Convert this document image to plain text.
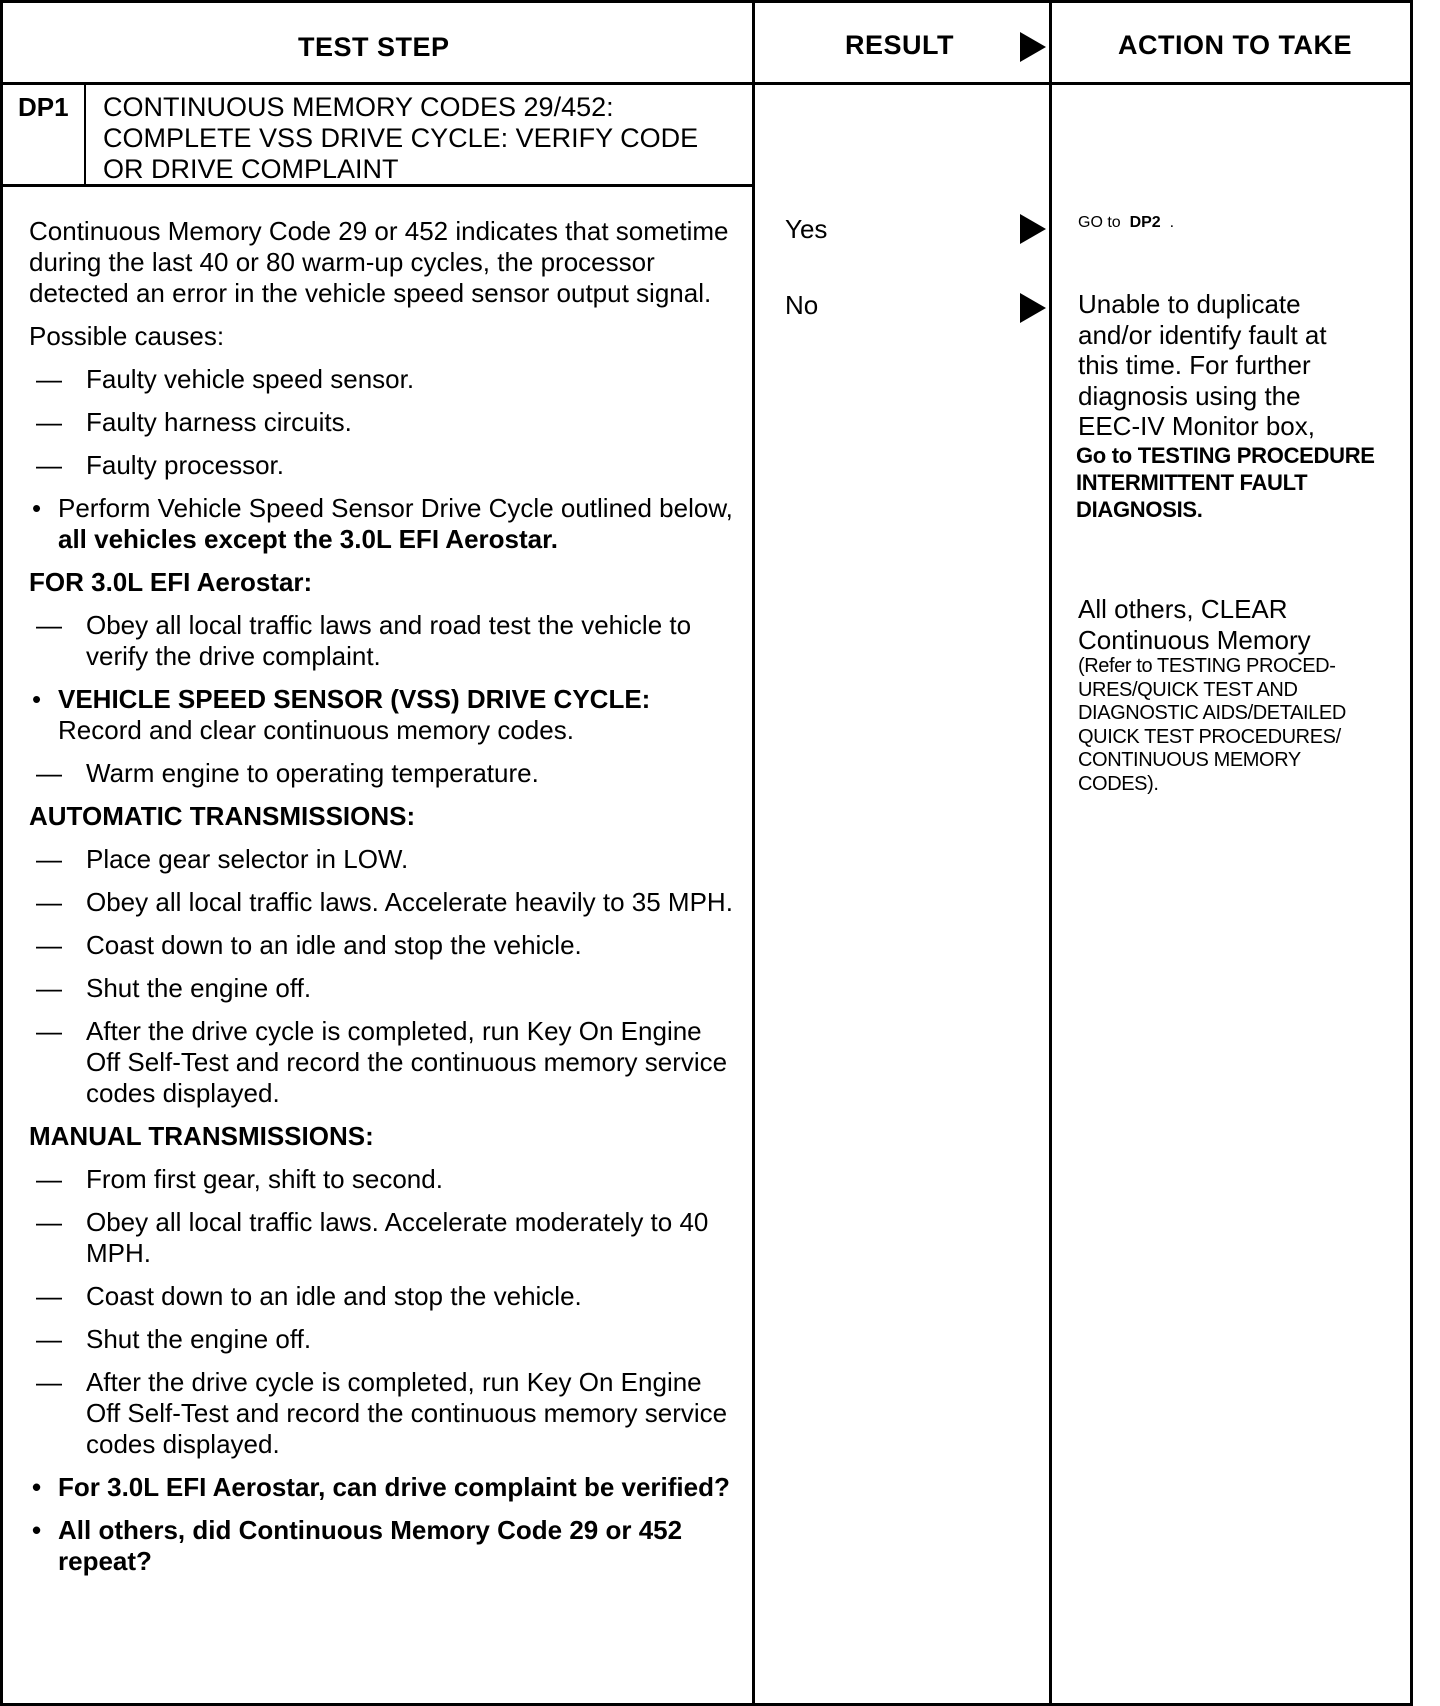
TEST STEP	RESULT	ACTION TO TAKE
DP1 CONTINUOUS MEMORY CODES 29/452:
COMPLETE VSS DRIVE CYCLE: VERIFY CODE
OR DRIVE COMPLAINT
Continuous Memory Code 29 or 452 indicates that sometime during the last 40 or 80 warm-up cycles, the processor detected an error in the vehicle speed sensor output signal.
Possible causes:
— Faulty vehicle speed sensor.
— Faulty harness circuits.
— Faulty processor.
• Perform Vehicle Speed Sensor Drive Cycle outlined below, all vehicles except the 3.0L EFI Aerostar.
FOR 3.0L EFI Aerostar:
— Obey all local traffic laws and road test the vehicle to verify the drive complaint.
• VEHICLE SPEED SENSOR (VSS) DRIVE CYCLE:
Record and clear continuous memory codes.
— Warm engine to operating temperature.
AUTOMATIC TRANSMISSIONS:
— Place gear selector in LOW.
— Obey all local traffic laws. Accelerate heavily to 35 MPH.
— Coast down to an idle and stop the vehicle.
— Shut the engine off.
— After the drive cycle is completed, run Key On Engine Off Self-Test and record the continuous memory service codes displayed.
MANUAL TRANSMISSIONS:
— From first gear, shift to second.
— Obey all local traffic laws. Accelerate moderately to 40 MPH.
— Coast down to an idle and stop the vehicle.
— Shut the engine off.
— After the drive cycle is completed, run Key On Engine Off Self-Test and record the continuous memory service codes displayed.
• For 3.0L EFI Aerostar, can drive complaint be verified?
• All others, did Continuous Memory Code 29 or 452 repeat?
Yes
No
GO to DP2 .
Unable to duplicate
and/or identify fault at
this time. For further
diagnosis using the
EEC-IV Monitor box,
Go to TESTING PROCEDURE
INTERMITTENT FAULT
DIAGNOSIS.
All others, CLEAR
Continuous Memory
(Refer to TESTING PROCED-
URES/QUICK TEST AND
DIAGNOSTIC AIDS/DETAILED
QUICK TEST PROCEDURES/
CONTINUOUS MEMORY
CODES).
